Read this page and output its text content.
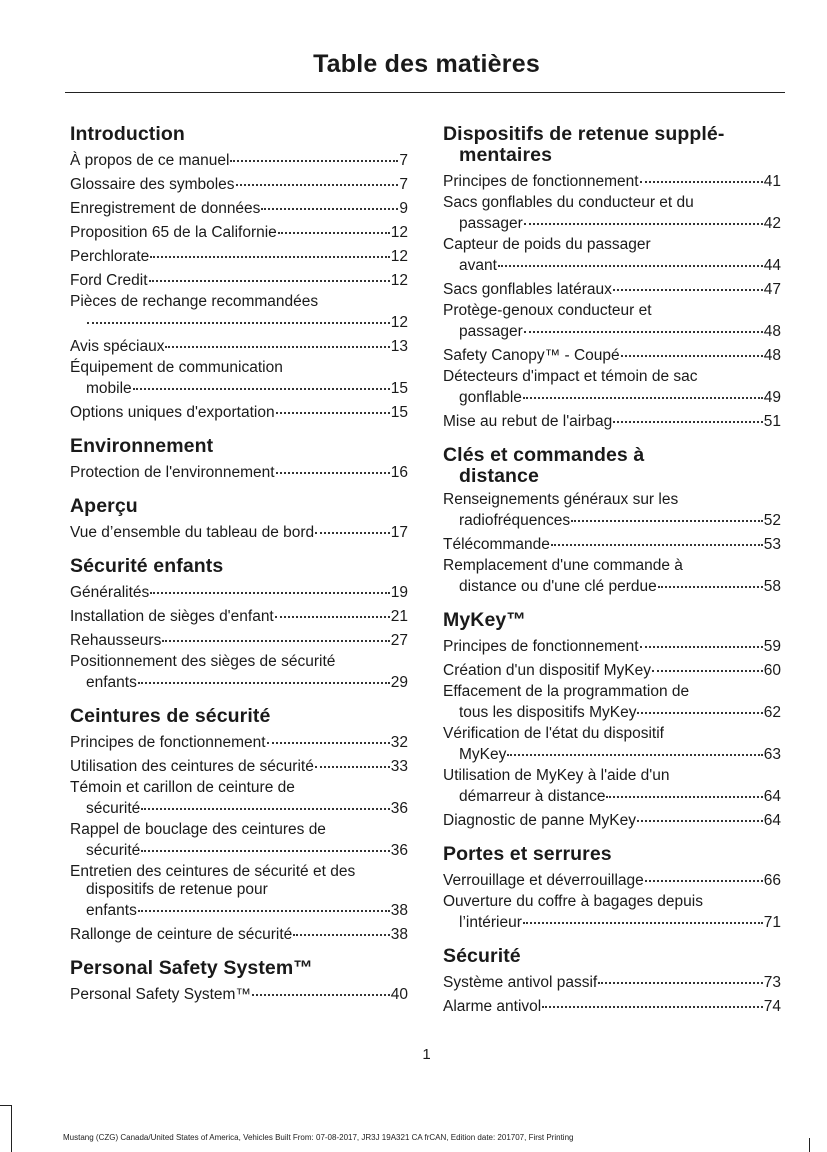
Table des matières
Introduction
À propos de ce manuel	7
Glossaire des symboles	7
Enregistrement de données	9
Proposition 65 de la Californie	12
Perchlorate	12
Ford Credit	12
Pièces de rechange recommandées
12
Avis spéciaux	13
Équipement de communication
mobile	15
Options uniques d'exportation	15
Environnement
Protection de l'environnement	16
Aperçu
Vue d’ensemble du tableau de bord	17
Sécurité enfants
Généralités	19
Installation de sièges d'enfant	21
Rehausseurs	27
Positionnement des sièges de sécurité
enfants	29
Ceintures de sécurité
Principes de fonctionnement	32
Utilisation des ceintures de sécurité	33
Témoin et carillon de ceinture de
sécurité	36
Rappel de bouclage des ceintures de
sécurité	36
Entretien des ceintures de sécurité et des
dispositifs de retenue pour
enfants	38
Rallonge de ceinture de sécurité	38
Personal Safety System™
Personal Safety System™	40
Dispositifs de retenue supplé-
mentaires
Principes de fonctionnement	41
Sacs gonflables du conducteur et du
passager	42
Capteur de poids du passager
avant	44
Sacs gonflables latéraux	47
Protège-genoux conducteur et
passager	48
Safety Canopy™ - Coupé	48
Détecteurs d'impact et témoin de sac
gonflable	49
Mise au rebut de l'airbag	51
Clés et commandes à
distance
Renseignements généraux sur les
radiofréquences	52
Télécommande	53
Remplacement d'une commande à
distance ou d'une clé perdue	58
MyKey™
Principes de fonctionnement	59
Création d'un dispositif MyKey	60
Effacement de la programmation de
tous les dispositifs MyKey	62
Vérification de l'état du dispositif
MyKey	63
Utilisation de MyKey à l'aide d'un
démarreur à distance	64
Diagnostic de panne MyKey	64
Portes et serrures
Verrouillage et déverrouillage	66
Ouverture du coffre à bagages depuis
l’intérieur	71
Sécurité
Système antivol passif	73
Alarme antivol	74
1
Mustang (CZG) Canada/United States of America, Vehicles Built From: 07-08-2017, JR3J 19A321 CA frCAN, Edition date: 201707, First Printing
